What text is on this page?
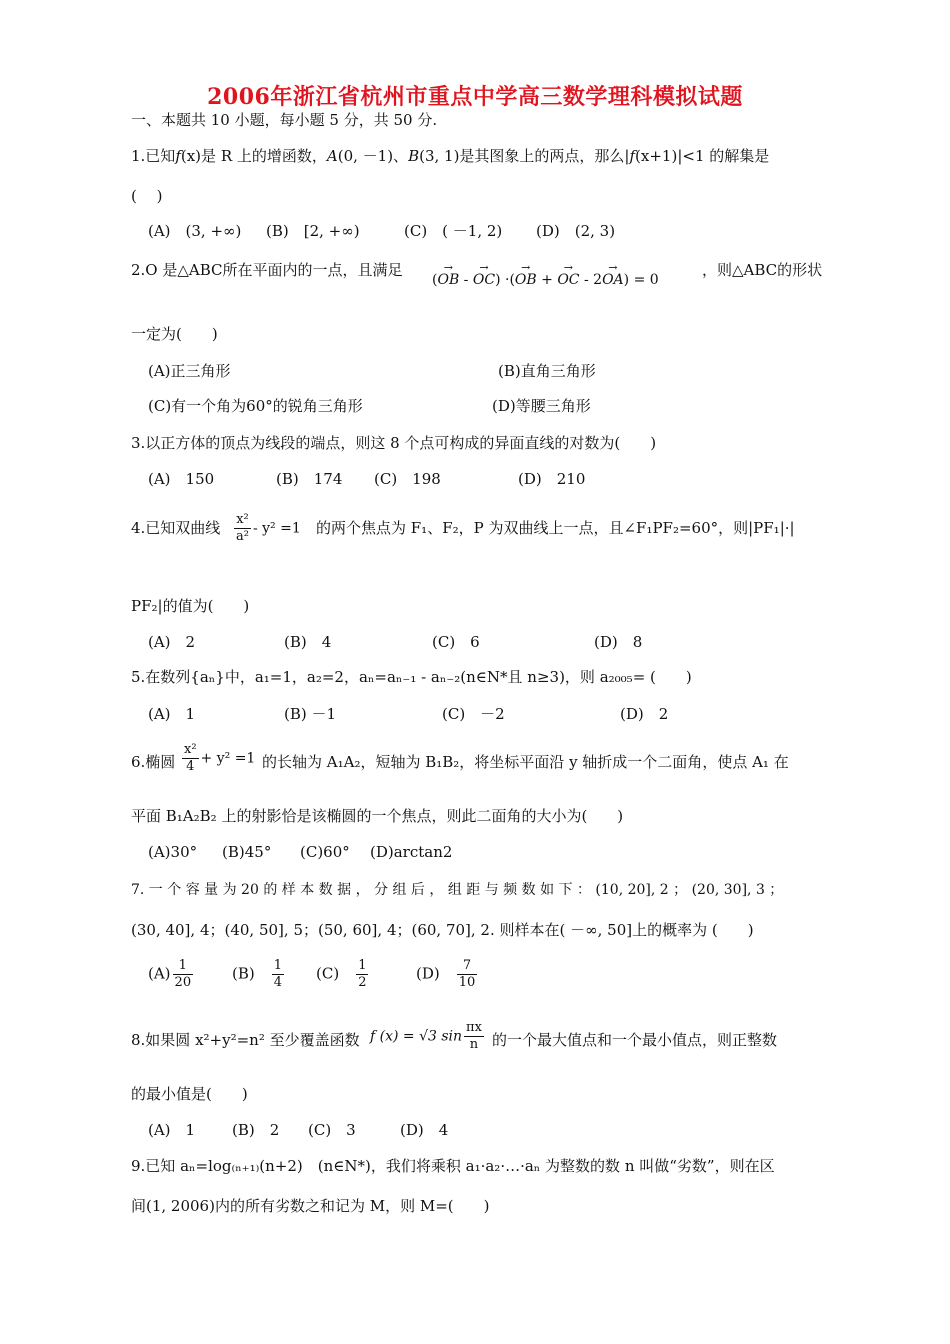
2006年浙江省杭州市重点中学高三数学理科模拟试题
一、本题共 10 小题，每小题 5 分，共 50 分.
1.已知f(x)是 R 上的增函数，A(0, －1)、B(3, 1)是其图象上的两点，那么|f(x+1)|<1 的解集是
(　 )
(A)　(3, +∞) (B)　[2, +∞)	(C)　( －1, 2) (D)　(2, 3)
2.O 是△ABC所在平面内的一点，且满足
(→ OB - → OC) ·(→ OB + → OC - 2→ OA) = 0
，则△ABC的形状
一定为(　　)
(A)正三角形	(B)直角三角形
(C)有一个角为60°的锐角三角形	(D)等腰三角形
3.以正方体的顶点为线段的端点，则这 8 个点可构成的异面直线的对数为(　　)
(A)　150	(B)　174 (C)　198	(D)　210
4.已知双曲线 $\frac{\text{x²}}{\text{a²}} - y^2 =1$ 的两个焦点为 F₁、F₂，P 为双曲线上一点，且∠F₁PF₂=60°，则|PF₁|·|
PF₂|的值为(　　)
(A)　2	(B)　4	(C)　6	(D)　8
5.在数列{aₙ}中，a₁=1，a₂=2，aₙ=aₙ₋₁ - aₙ₋₂(n∈N*且 n≥3)，则 a₂₀₀₅= (　　)
(A)　1	(B) －1	(C)　－2	(D)　2
6.椭圆 $\frac{\text{x²}}{4} + y^2 =1$ 的长轴为 A₁A₂，短轴为 B₁B₂，将坐标平面沿 y 轴折成一个二面角，使点 A₁ 在
平面 B₁A₂B₂ 上的射影恰是该椭圆的一个焦点，则此二面角的大小为(　　)
(A)30° (B)45° (C)60° (D)arctan2
7. 一 个 容 量 为 20 的 样 本 数 据 ， 分 组 后 ， 组 距 与 频 数 如 下 ： (10, 20], 2 ； (20, 30], 3 ；
(30, 40], 4；(40, 50], 5；(50, 60], 4；(60, 70], 2. 则样本在( －∞, 50]上的概率为 (　　)
$(A) \frac{1}{20}$	(B)　 $\frac{1}{4} (C)$　 $\frac{1}{2}$	(D)　 $\frac{7}{10}$
8.如果圆 x²+y²=n² 至少覆盖函数 f (x) = √3 $\sin \frac{\pi x}{n}$ 的一个最大值点和一个最小值点，则正整数
的最小值是(　　)
(A)　1 (B)　2 (C)　3	(D)　4
9.已知 aₙ=log₍ₙ₊₁₎(n+2)　(n∈N*)，我们将乘积 a₁·a₂·…·aₙ 为整数的数 n 叫做“劣数”，则在区
间(1, 2006)内的所有劣数之和记为 M，则 M=(　　)
